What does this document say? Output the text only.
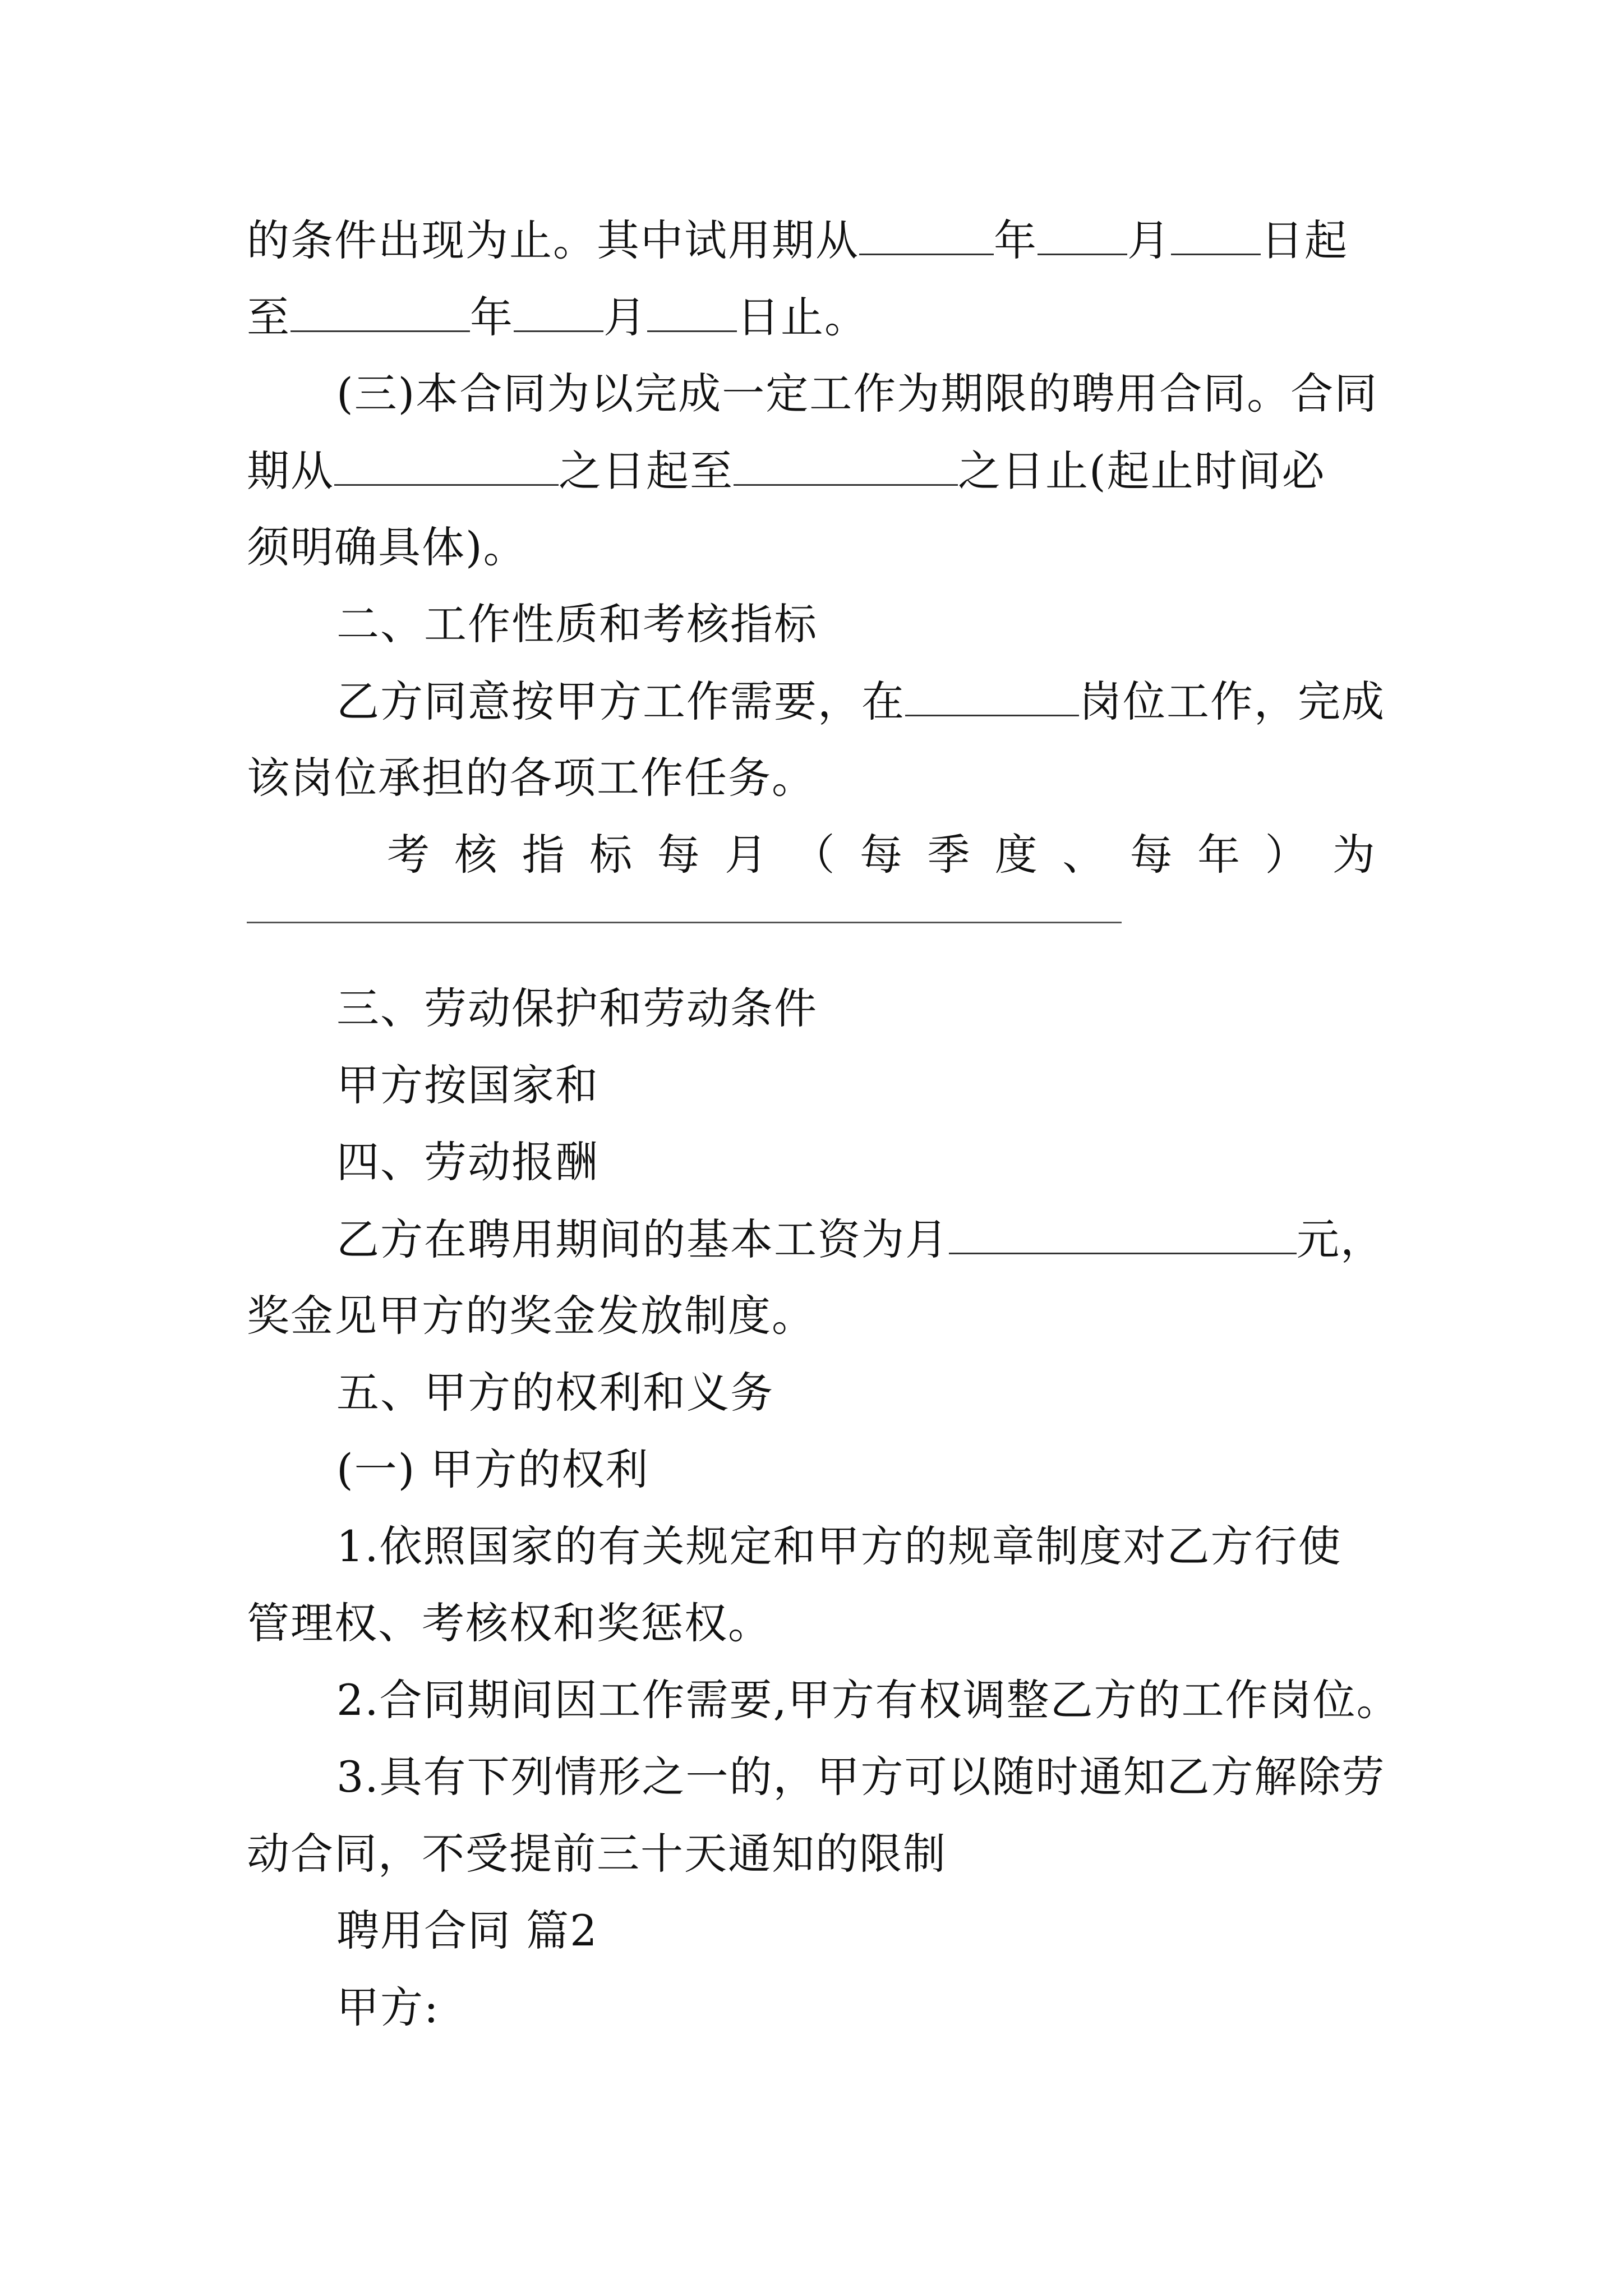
的条件出现为止。其中试用期从	年 月 日起
至	年 月 日止。
(三)本合同为以完成一定工作为期限的聘用合同。合同
期从	之日起至	之日止(起止时间必
须明确具体)。
二、工作性质和考核指标
乙方同意按甲方工作需要，在	岗位工作，完成
该岗位承担的各项工作任务。
考 核 指 标 每 月 （ 每 季 度 、 每 年 ） 为
三、劳动保护和劳动条件
甲方按国家和
四、劳动报酬
乙方在聘用期间的基本工资为月	元，
奖金见甲方的奖金发放制度。
五、甲方的权利和义务
(一) 甲方的权利
1.依照国家的有关规定和甲方的规章制度对乙方行使
管理权、考核权和奖惩权。
2.合同期间因工作需要,甲方有权调整乙方的工作岗位。
3.具有下列情形之一的，甲方可以随时通知乙方解除劳
动合同，不受提前三十天通知的限制
聘用合同 篇2
甲方:
